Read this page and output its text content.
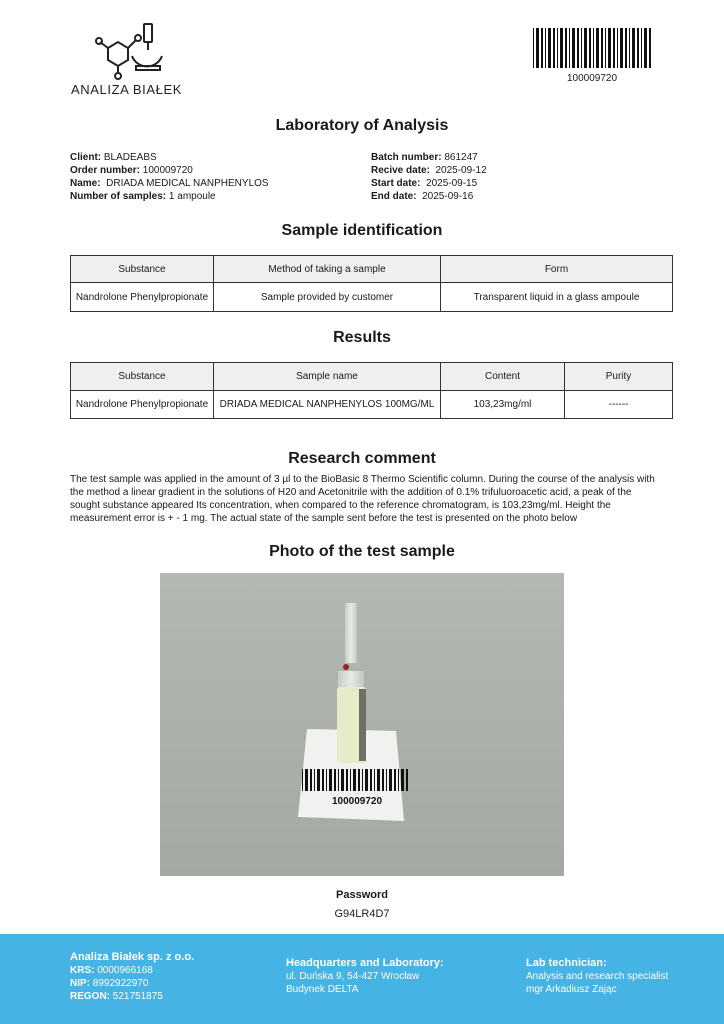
ANALIZA BIAŁEK
100009720
Laboratory of Analysis
Client: BLADEABS
Order number: 100009720
Name: DRIADA MEDICAL NANPHENYLOS
Number of samples: 1 ampoule
Batch number: 861247
Recive date: 2025-09-12
Start date: 2025-09-15
End date: 2025-09-16
Sample identification
Substance	Method of taking a sample	Form
Nandrolone Phenylpropionate	Sample provided by customer	Transparent liquid in a glass ampoule
Results
Substance	Sample name	Content	Purity
Nandrolone Phenylpropionate	DRIADA MEDICAL NANPHENYLOS 100MG/ML	103,23mg/ml	------
Research comment
The test sample was applied in the amount of 3 µl to the BioBasic 8 Thermo Scientific column. During the course of the analysis with the method a linear gradient in the solutions of H20 and Acetonitrile with the addition of 0.1% trifuluoroacetic acid, a peak of the sought substance appeared Its concentration, when compared to the reference chromatogram, is 103,23mg/ml. Height the measurement error is + - 1 mg. The actual state of the sample sent before the test is presented on the photo below
Photo of the test sample
100009720
Password
G94LR4D7
Analiza Białek sp. z o.o.
KRS: 0000966168
NIP: 8992922970
REGON: 521751875
Headquarters and Laboratory:
ul. Duńska 9, 54-427 Wrocław
Budynek DELTA
Lab technician:
Analysis and research specialist
mgr Arkadiusz Zając
